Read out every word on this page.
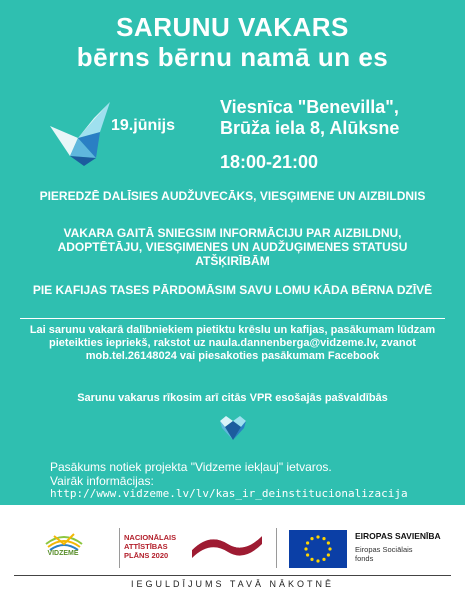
SARUNU VAKARS
bērns bērnu namā un es
19.jūnijs
Viesnīca "Benevilla",
Brūža iela 8, Alūksne
18:00-21:00
PIEREDZĒ DALĪSIES AUDŽUVECĀKS, VIESĢIMENE UN AIZBILDNIS
VAKARA GAITĀ SNIEGSIM INFORMĀCIJU PAR AIZBILDNU, ADOPTĒTĀJU, VIESĢIMENES UN AUDŽUĢIMENES STATUSU ATŠĶIRĪBĀM
PIE KAFIJAS TASES PĀRDOMĀSIM SAVU LOMU KĀDA BĒRNA DZĪVĒ
Lai sarunu vakarā dalībniekiem pietiktu krēslu un kafijas, pasākumam lūdzam pieteikties iepriekš, rakstot uz naula.dannenberga@vidzeme.lv, zvanot mob.tel.26148024 vai piesakoties pasākumam Facebook
Sarunu vakarus rīkosim arī citās VPR esošajās pašvaldībās
Pasākums notiek projekta "Vidzeme iekļauj" ietvaros.
Vairāk informācijas:
http://www.vidzeme.lv/lv/kas_ir_deinstitucionalizacija
VIDZEME
NACIONĀLAIS
ATTĪSTĪBAS
PLĀNS 2020
EIROPAS SAVIENĪBA
Eiropas Sociālais
fonds
IEGULDĪJUMS TAVĀ NĀKOTNĒ
